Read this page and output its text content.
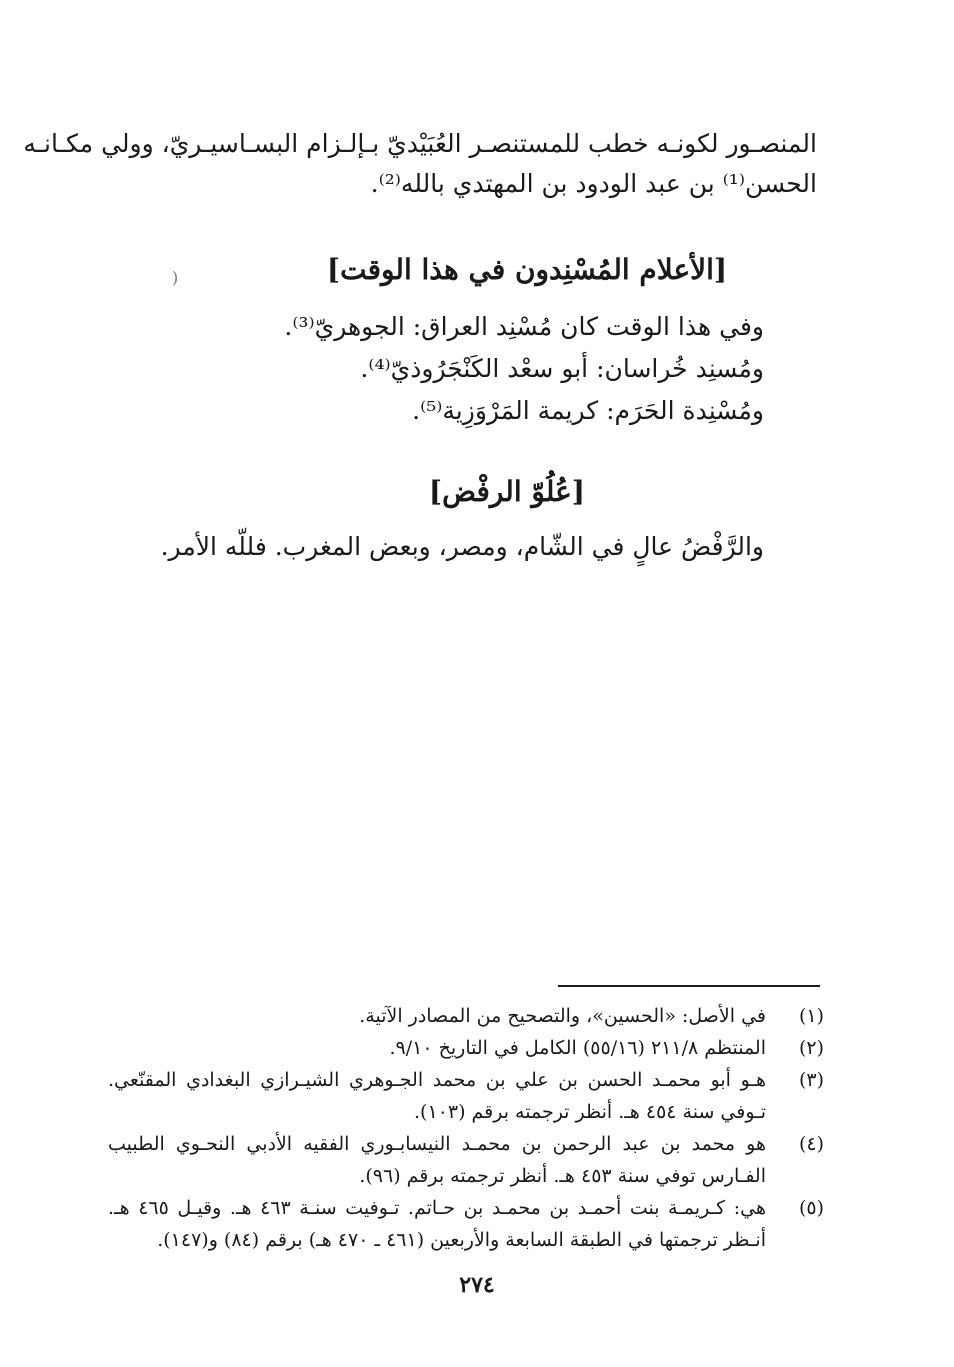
المنصـور لكونـه خطب للمستنصـر العُبَيْديّ بـإلـزام البسـاسيـريّ، وولي مكـانـه
الحسن⁽¹⁾ بن عبد الودود بن المهتدي بالله⁽²⁾.
[الأعلام المُسْنِدون في هذا الوقت]
)
وفي هذا الوقت كان مُسْنِد العراق: الجوهريّ⁽³⁾.
ومُسنِد خُراسان: أبو سعْد الكَنْجَرُوذيّ⁽⁴⁾.
ومُسْنِدة الحَرَم: كريمة المَرْوَزِية⁽⁵⁾.
[عُلُوّ الرفْض]
والرَّفْضُ عالٍ في الشّام، ومصر، وبعض المغرب. فللّه الأمر.
(١)
في الأصل: «الحسين»، والتصحيح من المصادر الآتية.
(٢)
المنتظم ٢١١/٨ (٥٥/١٦) الكامل في التاريخ ٩/١٠.
(٣)
هـو أبو محمـد الحسن بن علي بن محمد الجـوهري الشيـرازي البغدادي المقنّعي. تـوفي سنة ٤٥٤ هـ. أنظر ترجمته برقم (١٠٣).
(٤)
هو محمد بن عبد الرحمن بن محمـد النيسابـوري الفقيه الأدبي النحـوي الطبيب الفـارس توفي سنة ٤٥٣ هـ. أنظر ترجمته برقم (٩٦).
(٥)
هي: كـريمـة بنت أحمـد بن محمـد بن حـاتم. تـوفيت سنـة ٤٦٣ هـ. وقيـل ٤٦٥ هـ. أنـظر ترجمتها في الطبقة السابعة والأربعين (٤٦١ ـ ٤٧٠ هـ) برقم (٨٤) و(١٤٧).
٢٧٤
